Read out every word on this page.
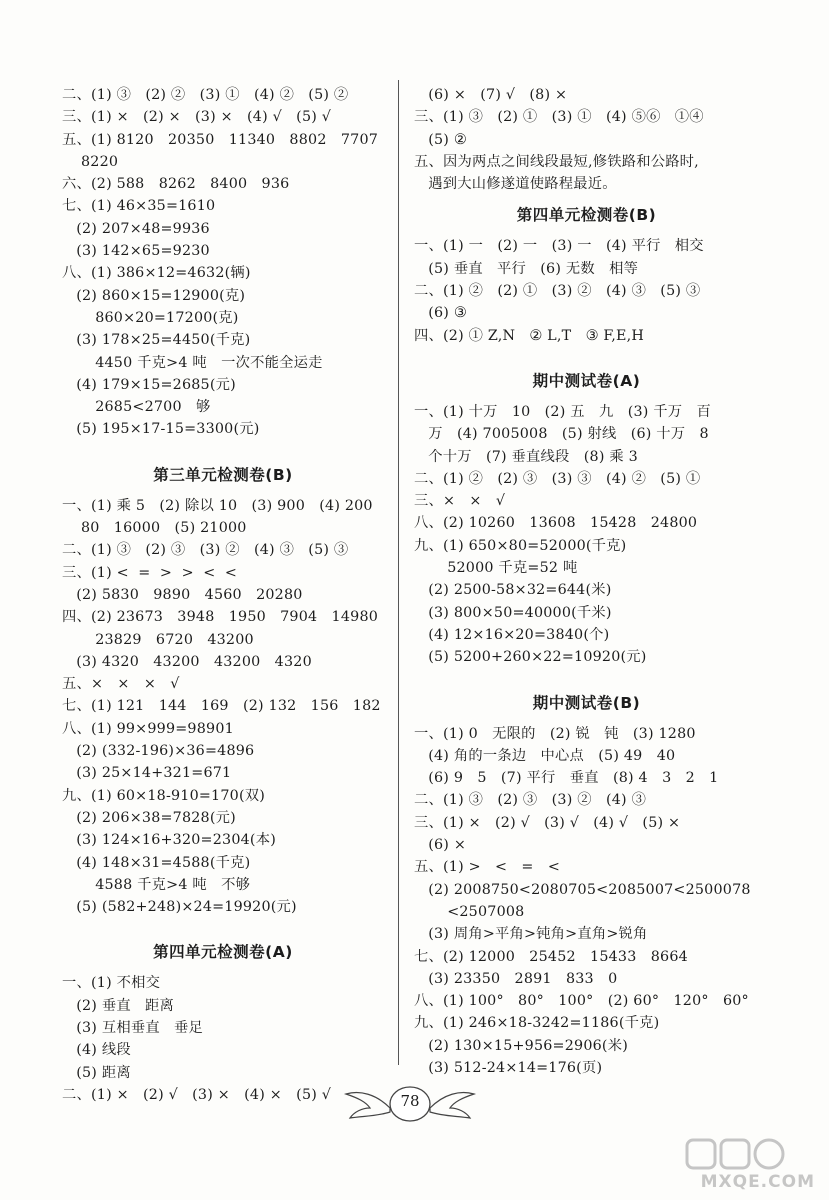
二、(1) ③   (2) ②   (3) ①   (4) ②   (5) ②
三、(1) ×   (2) ×   (3) ×   (4) √   (5) √
五、(1) 8120   20350   11340   8802   7707
8220
六、(2) 588   8262   8400   936
七、(1) 46×35=1610
(2) 207×48=9936
(3) 142×65=9230
八、(1) 386×12=4632(辆)
(2) 860×15=12900(克)
860×20=17200(克)
(3) 178×25=4450(千克)
4450 千克>4 吨   一次不能全运走
(4) 179×15=2685(元)
2685<2700   够
(5) 195×17-15=3300(元)
第三单元检测卷(B)
一、(1) 乘 5   (2) 除以 10   (3) 900   (4) 200
80   16000   (5) 21000
二、(1) ③   (2) ③   (3) ②   (4) ③   (5) ③
三、(1) <  =  >  >  <  <
(2) 5830   9890   4560   20280
四、(2) 23673   3948   1950   7904   14980
23829   6720   43200
(3) 4320   43200   43200   4320
五、×   ×   ×   √
七、(1) 121   144   169   (2) 132   156   182
八、(1) 99×999=98901
(2) (332-196)×36=4896
(3) 25×14+321=671
九、(1) 60×18-910=170(双)
(2) 206×38=7828(元)
(3) 124×16+320=2304(本)
(4) 148×31=4588(千克)
4588 千克>4 吨   不够
(5) (582+248)×24=19920(元)
第四单元检测卷(A)
一、(1) 不相交
(2) 垂直   距离
(3) 互相垂直   垂足
(4) 线段
(5) 距离
二、(1) ×   (2) √   (3) ×   (4) ×   (5) √
(6) ×   (7) √   (8) ×
三、(1) ③   (2) ①   (3) ①   (4) ⑤⑥   ①④
(5) ②
五、因为两点之间线段最短,修铁路和公路时,
遇到大山修遂道使路程最近。
第四单元检测卷(B)
一、(1) 一   (2) 一   (3) 一   (4) 平行   相交
(5) 垂直   平行   (6) 无数   相等
二、(1) ②   (2) ①   (3) ②   (4) ③   (5) ③
(6) ③
四、(2) ① Z,N   ② L,T   ③ F,E,H
期中测试卷(A)
一、(1) 十万   10   (2) 五   九   (3) 千万   百
万   (4) 7005008   (5) 射线   (6) 十万   8
个十万   (7) 垂直线段   (8) 乘 3
二、(1) ②   (2) ③   (3) ③   (4) ②   (5) ①
三、×   ×   √
八、(2) 10260   13608   15428   24800
九、(1) 650×80=52000(千克)
52000 千克=52 吨
(2) 2500-58×32=644(米)
(3) 800×50=40000(千米)
(4) 12×16×20=3840(个)
(5) 5200+260×22=10920(元)
期中测试卷(B)
一、(1) 0   无限的   (2) 锐   钝   (3) 1280
(4) 角的一条边   中心点   (5) 49   40
(6) 9   5   (7) 平行   垂直   (8) 4   3   2   1
二、(1) ③   (2) ③   (3) ②   (4) ③
三、(1) ×   (2) √   (3) √   (4) √   (5) ×
(6) ×
五、(1) >   <   =   <
(2) 2008750<2080705<2085007<2500078
<2507008
(3) 周角>平角>钝角>直角>锐角
七、(2) 12000   25452   15433   8664
(3) 23350   2891   833   0
八、(1) 100°   80°   100°   (2) 60°   120°   60°
九、(1) 246×18-3242=1186(千克)
(2) 130×15+956=2906(米)
(3) 512-24×14=176(页)
78
MXQE.COM
